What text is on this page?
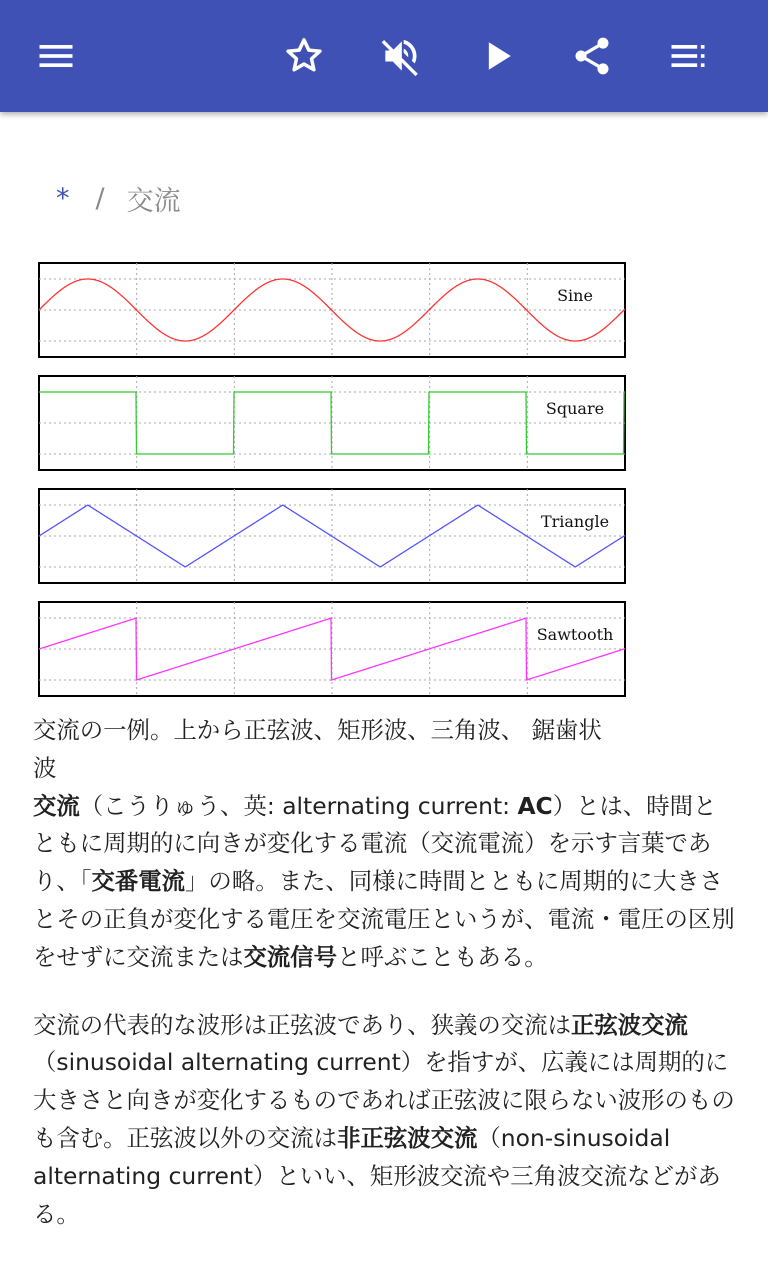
* / 交流
Sine
Square
Triangle
Sawtooth
交流の一例。上から正弦波、矩形波、三角波、 鋸歯状波

交流（こうりゅう、英: alternating current: AC）とは、時間とともに周期的に向きが変化する電流（交流電流）を示す言葉であり、「交番電流」の略。また、同様に時間とともに周期的に大きさとその正負が変化する電圧を交流電圧というが、電流・電圧の区別をせずに交流または交流信号と呼ぶこともある。

交流の代表的な波形は正弦波であり、狭義の交流は正弦波交流（sinusoidal alternating current）を指すが、広義には周期的に大きさと向きが変化するものであれば正弦波に限らない波形のものも含む。正弦波以外の交流は非正弦波交流（non-sinusoidal alternating current）といい、矩形波交流や三角波交流などがある。
